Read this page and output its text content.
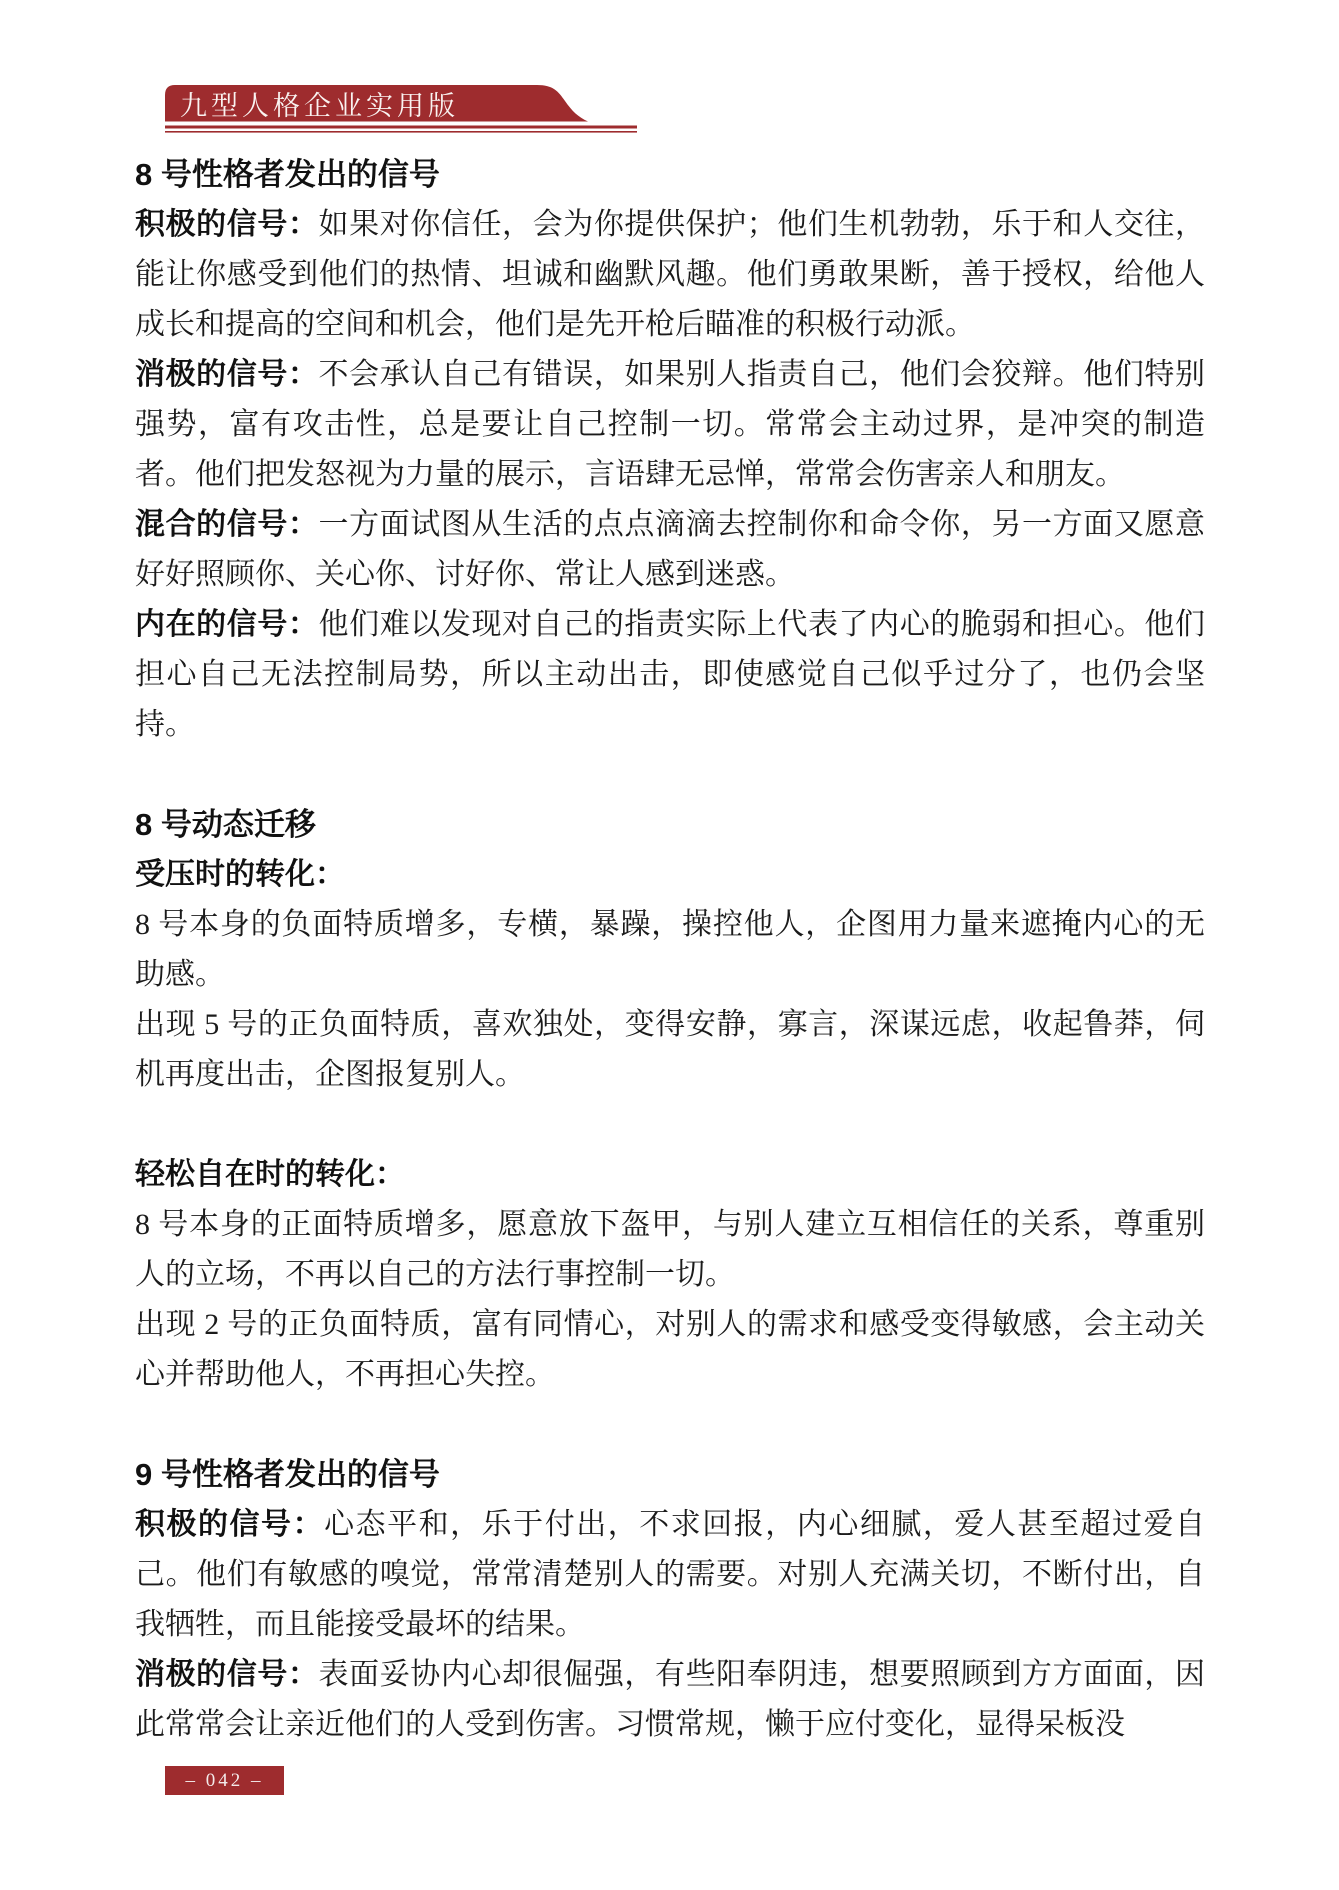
九型人格企业实用版
8 号性格者发出的信号

积极的信号：如果对你信任，会为你提供保护；他们生机勃勃，乐于和人交往，能让你感受到他们的热情、坦诚和幽默风趣。他们勇敢果断，善于授权，给他人成长和提高的空间和机会，他们是先开枪后瞄准的积极行动派。

消极的信号：不会承认自己有错误，如果别人指责自己，他们会狡辩。他们特别强势，富有攻击性，总是要让自己控制一切。常常会主动过界，是冲突的制造者。他们把发怒视为力量的展示，言语肆无忌惮，常常会伤害亲人和朋友。

混合的信号：一方面试图从生活的点点滴滴去控制你和命令你，另一方面又愿意好好照顾你、关心你、讨好你、常让人感到迷惑。

内在的信号：他们难以发现对自己的指责实际上代表了内心的脆弱和担心。他们担心自己无法控制局势，所以主动出击，即使感觉自己似乎过分了，也仍会坚持。

8 号动态迁移

受压时的转化：

8 号本身的负面特质增多，专横，暴躁，操控他人，企图用力量来遮掩内心的无助感。

出现 5 号的正负面特质，喜欢独处，变得安静，寡言，深谋远虑，收起鲁莽，伺机再度出击，企图报复别人。

轻松自在时的转化：

8 号本身的正面特质增多，愿意放下盔甲，与别人建立互相信任的关系，尊重别人的立场，不再以自己的方法行事控制一切。

出现 2 号的正负面特质，富有同情心，对别人的需求和感受变得敏感，会主动关心并帮助他人，不再担心失控。

9 号性格者发出的信号

积极的信号：心态平和，乐于付出，不求回报，内心细腻，爱人甚至超过爱自己。他们有敏感的嗅觉，常常清楚别人的需要。对别人充满关切，不断付出，自我牺牲，而且能接受最坏的结果。

消极的信号：表面妥协内心却很倔强，有些阳奉阴违，想要照顾到方方面面，因此常常会让亲近他们的人受到伤害。习惯常规，懒于应付变化，显得呆板没

– 042 –
